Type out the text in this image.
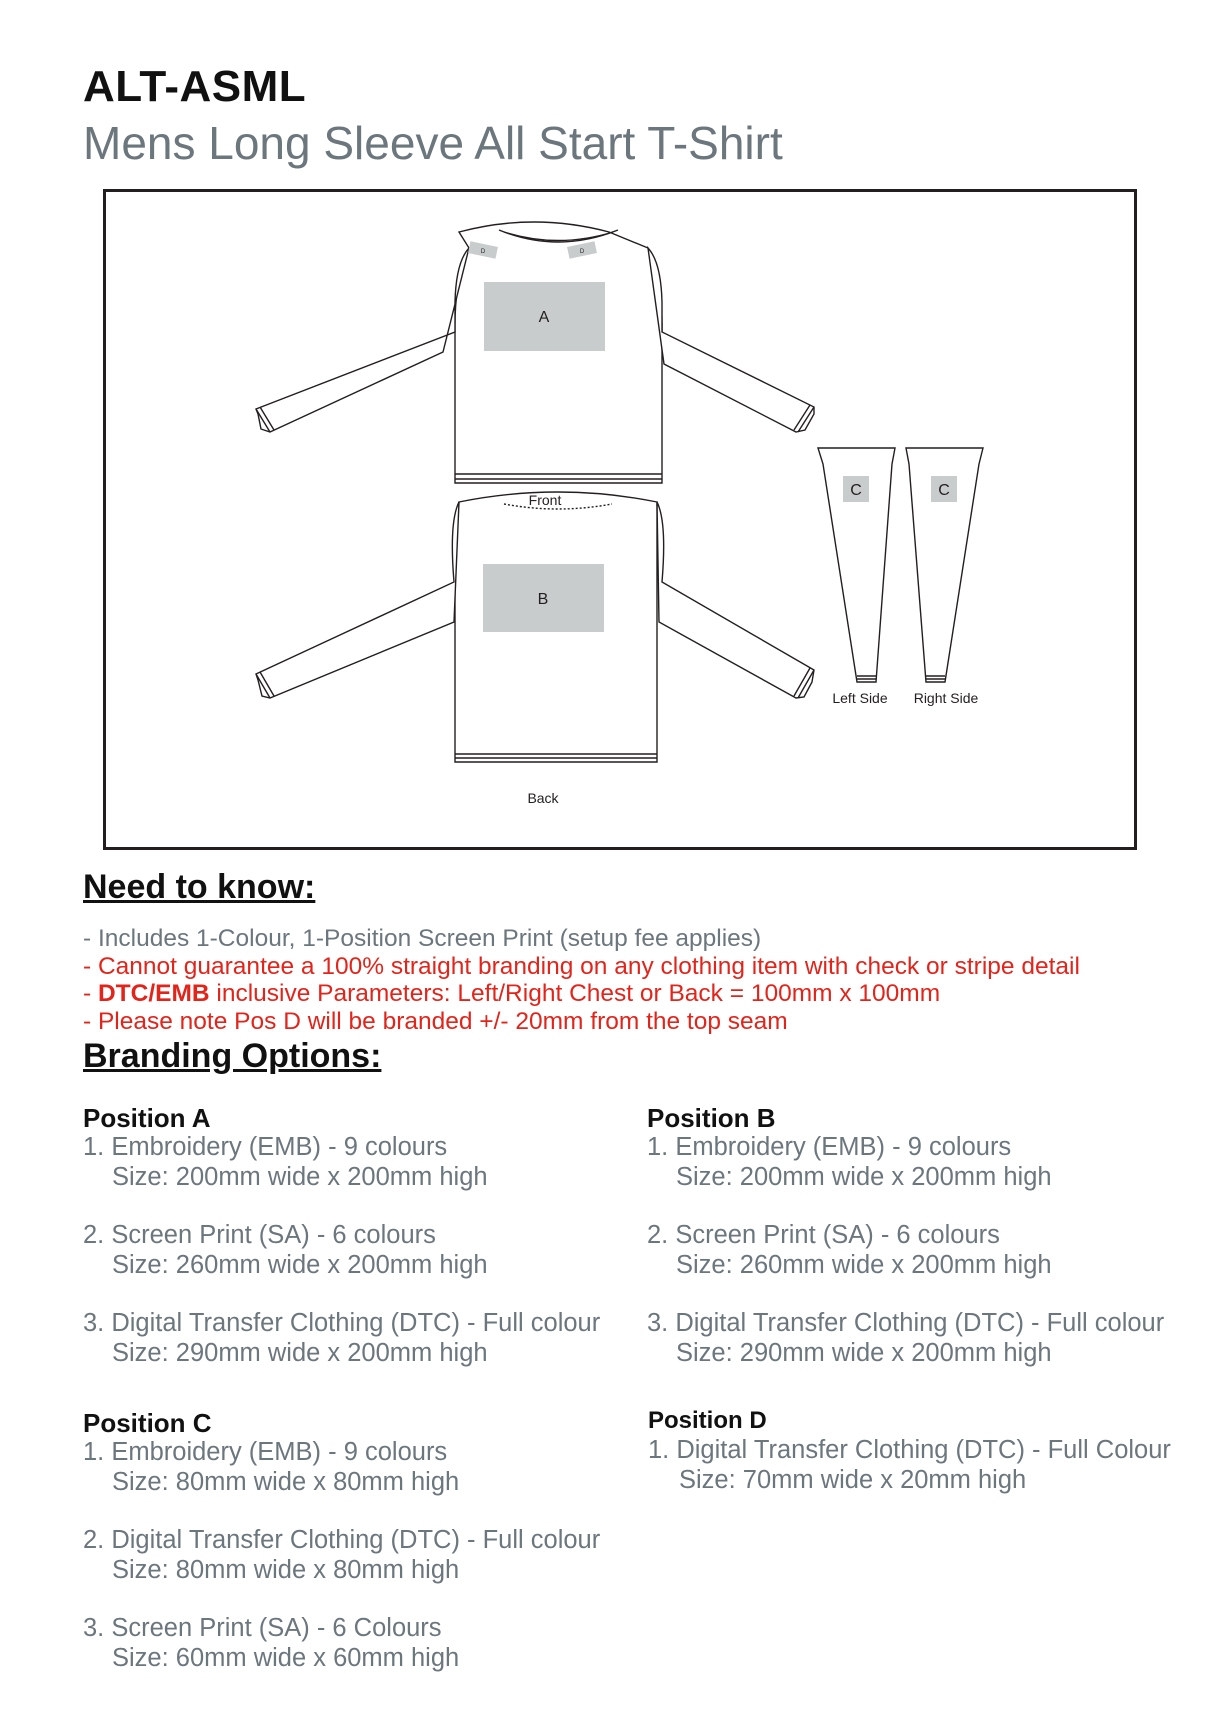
ALT-ASML
Mens Long Sleeve All Start T-Shirt
A
B
C	C
D	D
Front
Back
Left Side Right Side
Need to know:
- Includes 1-Colour, 1-Position Screen Print (setup fee applies)
- Cannot guarantee a 100% straight branding on any clothing item with check or stripe detail
- DTC/EMB inclusive Parameters: Left/Right Chest or Back = 100mm x 100mm
- Please note Pos D will be branded +/- 20mm from the top seam
Branding Options:
Position A
1. Embroidery (EMB) - 9 colours
Size: 200mm wide x 200mm high
2. Screen Print (SA) - 6 colours
Size: 260mm wide x 200mm high
3. Digital Transfer Clothing (DTC) - Full colour
Size: 290mm wide x 200mm high
Position B
1. Embroidery (EMB) - 9 colours
Size: 200mm wide x 200mm high
2. Screen Print (SA) - 6 colours
Size: 260mm wide x 200mm high
3. Digital Transfer Clothing (DTC) - Full colour
Size: 290mm wide x 200mm high
Position C
1. Embroidery (EMB) - 9 colours
Size: 80mm wide x 80mm high
2. Digital Transfer Clothing (DTC) - Full colour
Size: 80mm wide x 80mm high
3. Screen Print (SA) - 6 Colours
Size: 60mm wide x 60mm high
Position D
1. Digital Transfer Clothing (DTC) - Full Colour
Size: 70mm wide x 20mm high
